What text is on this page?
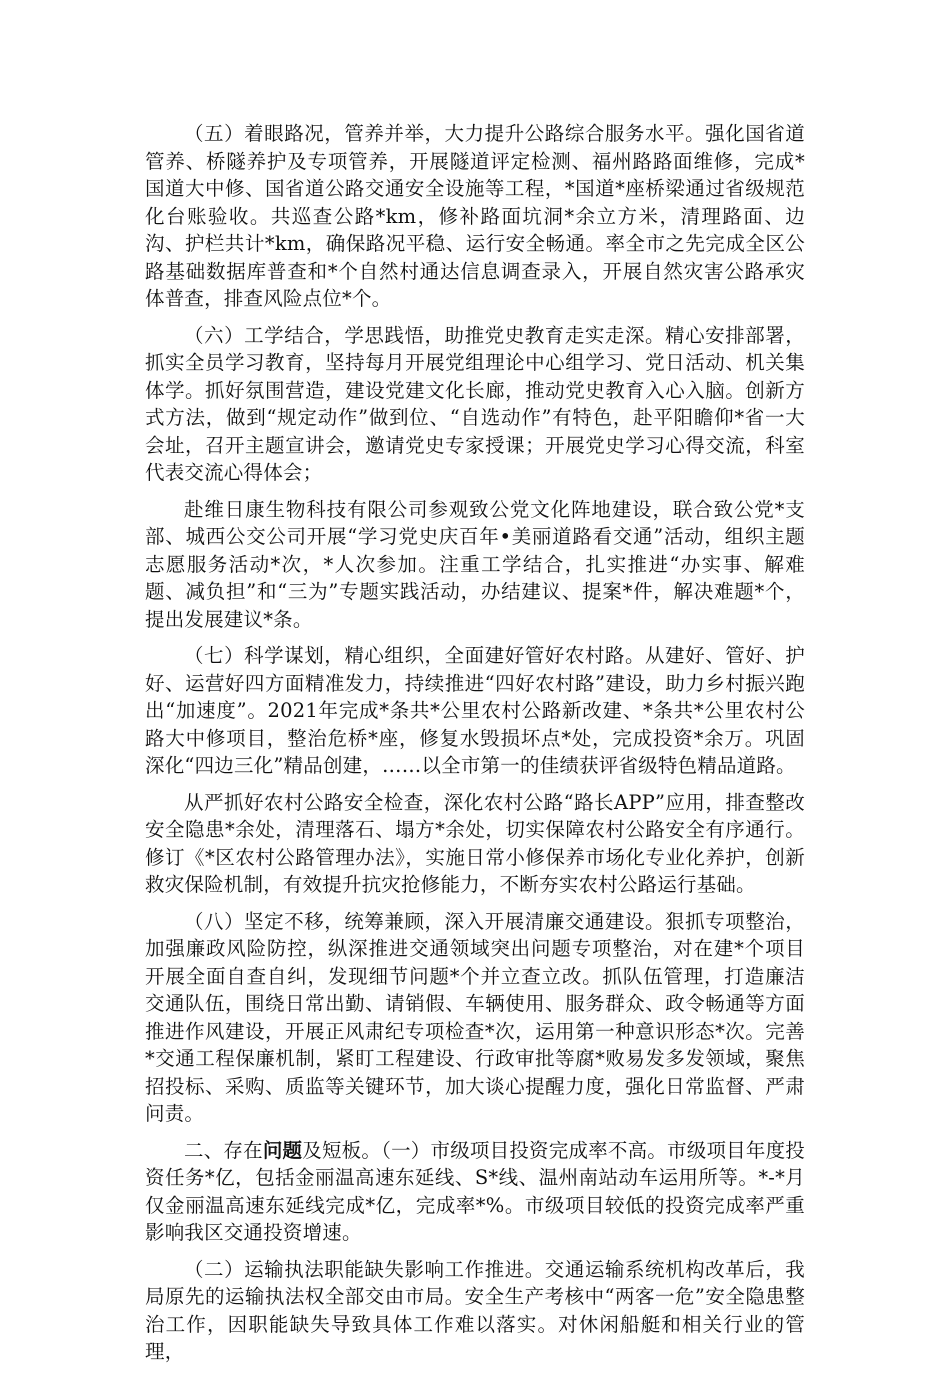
（五）着眼路况，管养并举，大力提升公路综合服务水平。强化国省道管养、桥隧养护及专项管养，开展隧道评定检测、福州路路面维修，完成*国道大中修、国省道公路交通安全设施等工程，*国道*座桥梁通过省级规范化台账验收。共巡查公路*km，修补路面坑洞*余立方米，清理路面、边沟、护栏共计*km，确保路况平稳、运行安全畅通。率全市之先完成全区公路基础数据库普查和*个自然村通达信息调查录入，开展自然灾害公路承灾体普查，排查风险点位*个。

（六）工学结合，学思践悟，助推党史教育走实走深。精心安排部署，抓实全员学习教育，坚持每月开展党组理论中心组学习、党日活动、机关集体学。抓好氛围营造，建设党建文化长廊，推动党史教育入心入脑。创新方式方法，做到“规定动作”做到位、“自选动作”有特色，赴平阳瞻仰*省一大会址，召开主题宣讲会，邀请党史专家授课；开展党史学习心得交流，科室代表交流心得体会；

赴维日康生物科技有限公司参观致公党文化阵地建设，联合致公党*支部、城西公交公司开展“学习党史庆百年•美丽道路看交通”活动，组织主题志愿服务活动*次，*人次参加。注重工学结合，扎实推进“办实事、解难题、减负担”和“三为”专题实践活动，办结建议、提案*件，解决难题*个，提出发展建议*条。

（七）科学谋划，精心组织，全面建好管好农村路。从建好、管好、护好、运营好四方面精准发力，持续推进“四好农村路”建设，助力乡村振兴跑出“加速度”。2021年完成*条共*公里农村公路新改建、*条共*公里农村公路大中修项目，整治危桥*座，修复水毁损坏点*处，完成投资*余万。巩固深化“四边三化”精品创建，……以全市第一的佳绩获评省级特色精品道路。

从严抓好农村公路安全检查，深化农村公路“路长APP”应用，排查整改安全隐患*余处，清理落石、塌方*余处，切实保障农村公路安全有序通行。修订《*区农村公路管理办法》，实施日常小修保养市场化专业化养护，创新救灾保险机制，有效提升抗灾抢修能力，不断夯实农村公路运行基础。

（八）坚定不移，统筹兼顾，深入开展清廉交通建设。狠抓专项整治，加强廉政风险防控，纵深推进交通领域突出问题专项整治，对在建*个项目开展全面自查自纠，发现细节问题*个并立查立改。抓队伍管理，打造廉洁交通队伍，围绕日常出勤、请销假、车辆使用、服务群众、政令畅通等方面推进作风建设，开展正风肃纪专项检查*次，运用第一种意识形态*次。完善*交通工程保廉机制，紧盯工程建设、行政审批等腐*败易发多发领域，聚焦招投标、采购、质监等关键环节，加大谈心提醒力度，强化日常监督、严肃问责。

二、存在问题及短板。（一）市级项目投资完成率不高。市级项目年度投资任务*亿，包括金丽温高速东延线、S*线、温州南站动车运用所等。*-*月仅金丽温高速东延线完成*亿，完成率*%。市级项目较低的投资完成率严重影响我区交通投资增速。

（二）运输执法职能缺失影响工作推进。交通运输系统机构改革后，我局原先的运输执法权全部交由市局。安全生产考核中“两客一危”安全隐患整治工作，因职能缺失导致具体工作难以落实。对休闲船艇和相关行业的管理，
